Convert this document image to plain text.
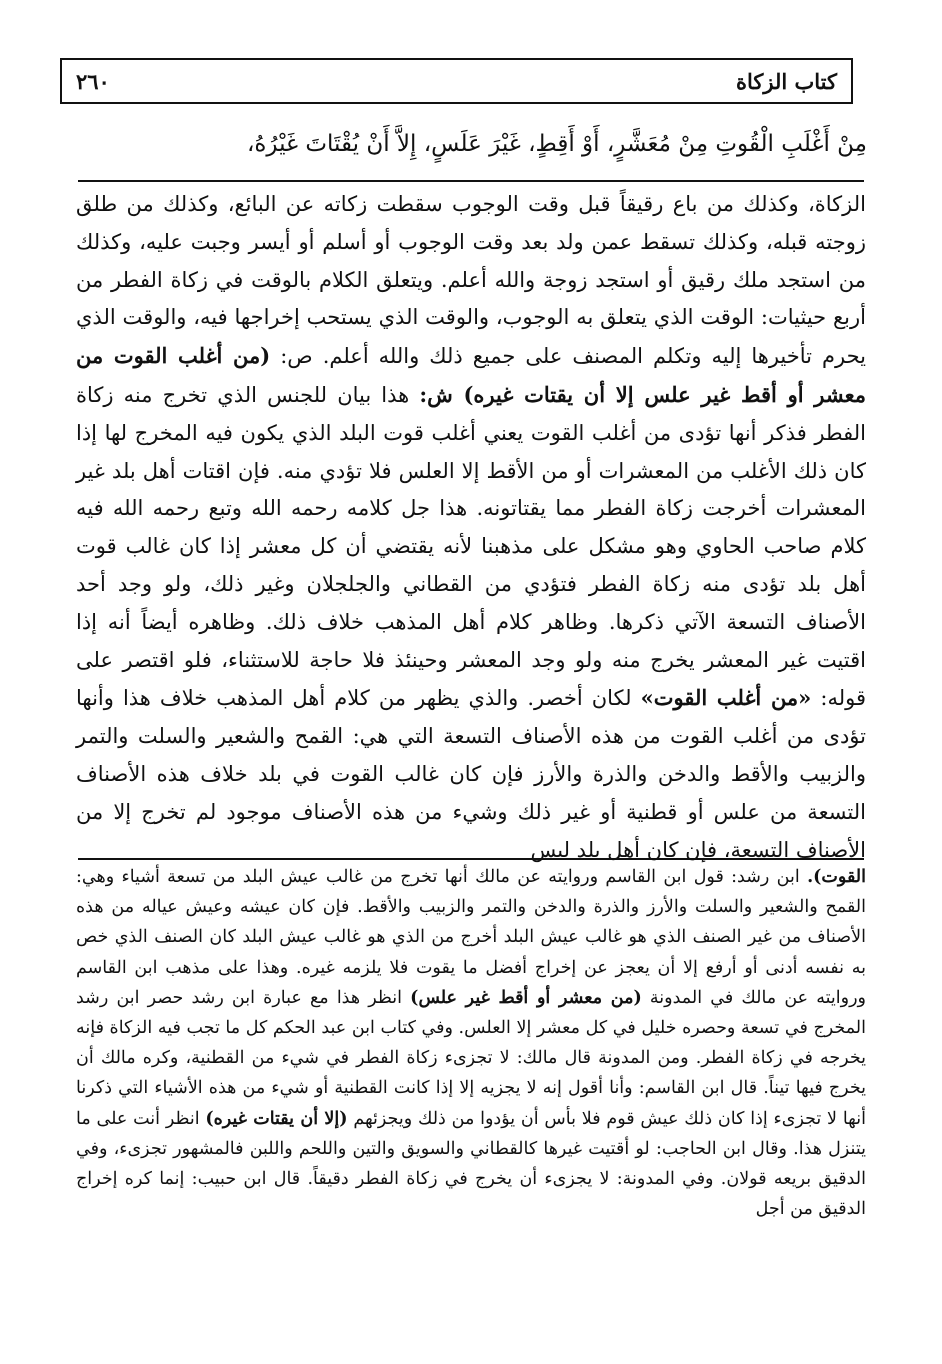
كتاب الزكاة
٢٦٠
مِنْ أَغْلَبِ الْقُوتِ مِنْ مُعَشَّرٍ، أَوْ أَقِطٍ، غَيْرَ عَلَسٍ، إِلاَّ أَنْ يُقْتَاتَ غَيْرُهُ،
الزكاة، وكذلك من باع رقيقاً قبل وقت الوجوب سقطت زكاته عن البائع، وكذلك من طلق زوجته قبله، وكذلك تسقط عمن ولد بعد وقت الوجوب أو أسلم أو أيسر وجبت عليه، وكذلك من استجد ملك رقيق أو استجد زوجة والله أعلم. ويتعلق الكلام بالوقت في زكاة الفطر من أربع حيثيات: الوقت الذي يتعلق به الوجوب، والوقت الذي يستحب إخراجها فيه، والوقت الذي يحرم تأخيرها إليه وتكلم المصنف على جميع ذلك والله أعلم. ص: (من أغلب القوت من معشر أو أقط غير علس إلا أن يقتات غيره) ش: هذا بيان للجنس الذي تخرج منه زكاة الفطر فذكر أنها تؤدى من أغلب القوت يعني أغلب قوت البلد الذي يكون فيه المخرج لها إذا كان ذلك الأغلب من المعشرات أو من الأقط إلا العلس فلا تؤدي منه. فإن اقتات أهل بلد غير المعشرات أخرجت زكاة الفطر مما يقتاتونه. هذا جل كلامه رحمه الله وتبع رحمه الله فيه كلام صاحب الحاوي وهو مشكل على مذهبنا لأنه يقتضي أن كل معشر إذا كان غالب قوت أهل بلد تؤدى منه زكاة الفطر فتؤدي من القطاني والجلجلان وغير ذلك، ولو وجد أحد الأصناف التسعة الآتي ذكرها. وظاهر كلام أهل المذهب خلاف ذلك. وظاهره أيضاً أنه إذا اقتيت غير المعشر يخرج منه ولو وجد المعشر وحينئذ فلا حاجة للاستثناء، فلو اقتصر على قوله: «من أغلب القوت» لكان أخصر. والذي يظهر من كلام أهل المذهب خلاف هذا وأنها تؤدى من أغلب القوت من هذه الأصناف التسعة التي هي: القمح والشعير والسلت والتمر والزبيب والأقط والدخن والذرة والأرز فإن كان غالب القوت في بلد خلاف هذه الأصناف التسعة من علس أو قطنية أو غير ذلك وشيء من هذه الأصناف موجود لم تخرج إلا من الأصناف التسعة، فإن كان أهل بلد ليس
القوت). ابن رشد: قول ابن القاسم وروايته عن مالك أنها تخرج من غالب عيش البلد من تسعة أشياء وهي: القمح والشعير والسلت والأرز والذرة والدخن والتمر والزبيب والأقط. فإن كان عيشه وعيش عياله من هذه الأصناف من غير الصنف الذي هو غالب عيش البلد أخرج من الذي هو غالب عيش البلد كان الصنف الذي خص به نفسه أدنى أو أرفع إلا أن يعجز عن إخراج أفضل ما يقوت فلا يلزمه غيره. وهذا على مذهب ابن القاسم وروايته عن مالك في المدونة (من معشر أو أقط غير علس) انظر هذا مع عبارة ابن رشد حصر ابن رشد المخرج في تسعة وحصره خليل في كل معشر إلا العلس. وفي كتاب ابن عبد الحكم كل ما تجب فيه الزكاة فإنه يخرجه في زكاة الفطر. ومن المدونة قال مالك: لا تجزىء زكاة الفطر في شيء من القطنية، وكره مالك أن يخرج فيها تيناً. قال ابن القاسم: وأنا أقول إنه لا يجزيه إلا إذا كانت القطنية أو شيء من هذه الأشياء التي ذكرنا أنها لا تجزىء إذا كان ذلك عيش قوم فلا بأس أن يؤدوا من ذلك ويجزئهم (إلا أن يقتات غيره) انظر أنت على ما يتنزل هذا. وقال ابن الحاجب: لو أقتيت غيرها كالقطاني والسويق والتين واللحم واللبن فالمشهور تجزىء، وفي الدقيق بريعه قولان. وفي المدونة: لا يجزىء أن يخرج في زكاة الفطر دقيقاً. قال ابن حبيب: إنما كره إخراج الدقيق من أجل
